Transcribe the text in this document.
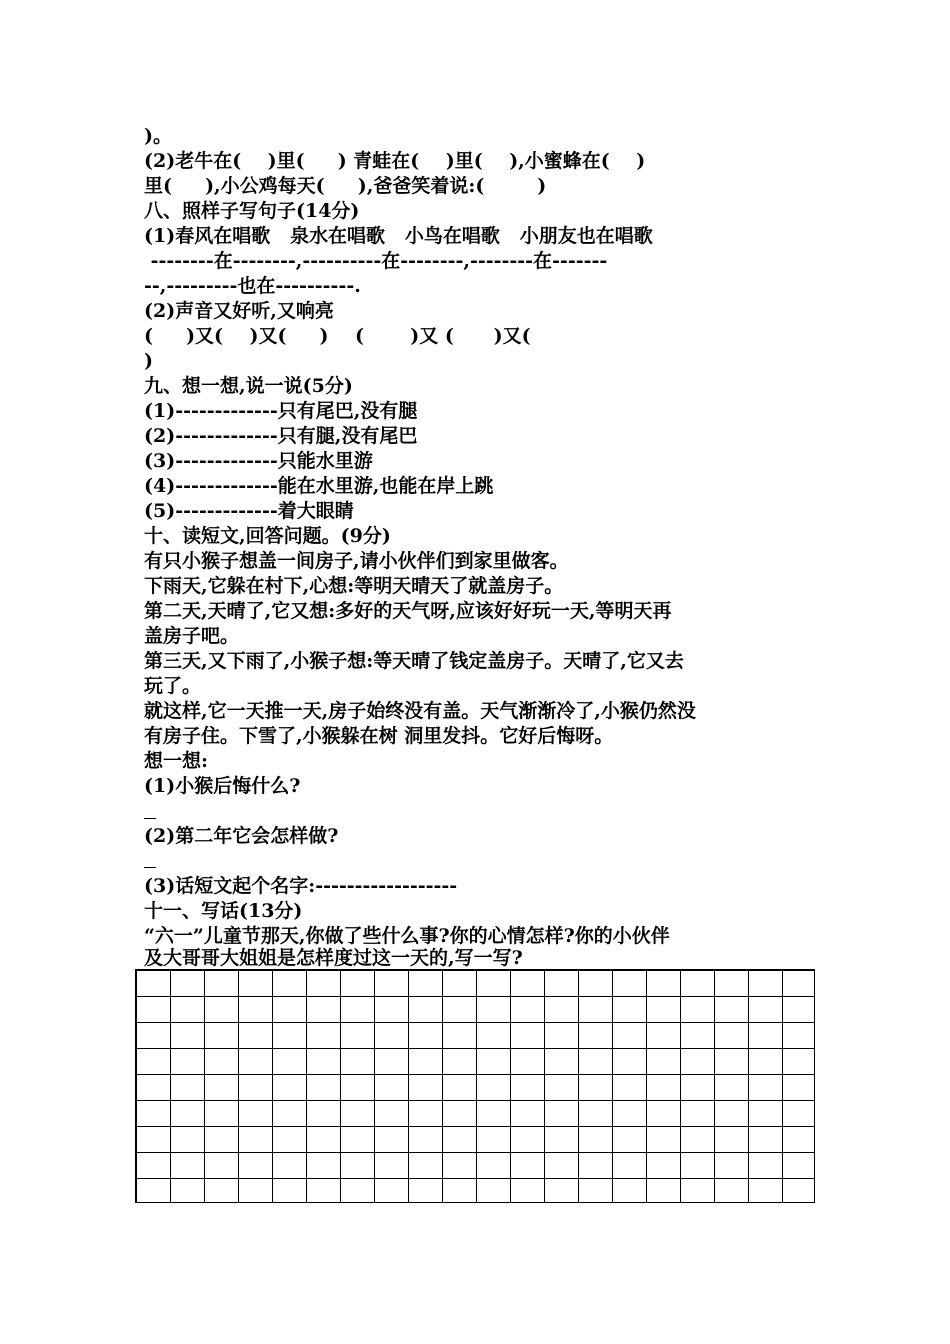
)。
(2)老牛在(    )里(     ) 青蛙在(    )里(    ),小蜜蜂在(    )
里(     ),小公鸡每天(     ),爸爸笑着说:(        )
八、照样子写句子(14分)
(1)春风在唱歌   泉水在唱歌   小鸟在唱歌   小朋友也在唱歌
--------在--------,----------在--------,--------在-------
--,---------也在----------.
(2)声音又好听,又响亮
(     )又(    )又(     )    (       )又 (      )又(
)
九、想一想,说一说(5分)
(1)-------------只有尾巴,没有腿
(2)-------------只有腿,没有尾巴
(3)-------------只能水里游
(4)-------------能在水里游,也能在岸上跳
(5)-------------着大眼睛
十、读短文,回答问题。(9分)
有只小猴子想盖一间房子,请小伙伴们到家里做客。
下雨天,它躲在村下,心想:等明天晴天了就盖房子。
第二天,天晴了,它又想:多好的天气呀,应该好好玩一天,等明天再
盖房子吧。
第三天,又下雨了,小猴子想:等天晴了钱定盖房子。天晴了,它又去
玩了。
就这样,它一天推一天,房子始终没有盖。天气渐渐冷了,小猴仍然没
有房子住。下雪了,小猴躲在树 洞里发抖。它好后悔呀。
想一想:
(1)小猴后悔什么?
(2)第二年它会怎样做?
(3)话短文起个名字:------------------
十一、写话(13分)
“六一”儿童节那天,你做了些什么事?你的心情怎样?你的小伙伴
及大哥哥大姐姐是怎样度过这一天的,写一写?
